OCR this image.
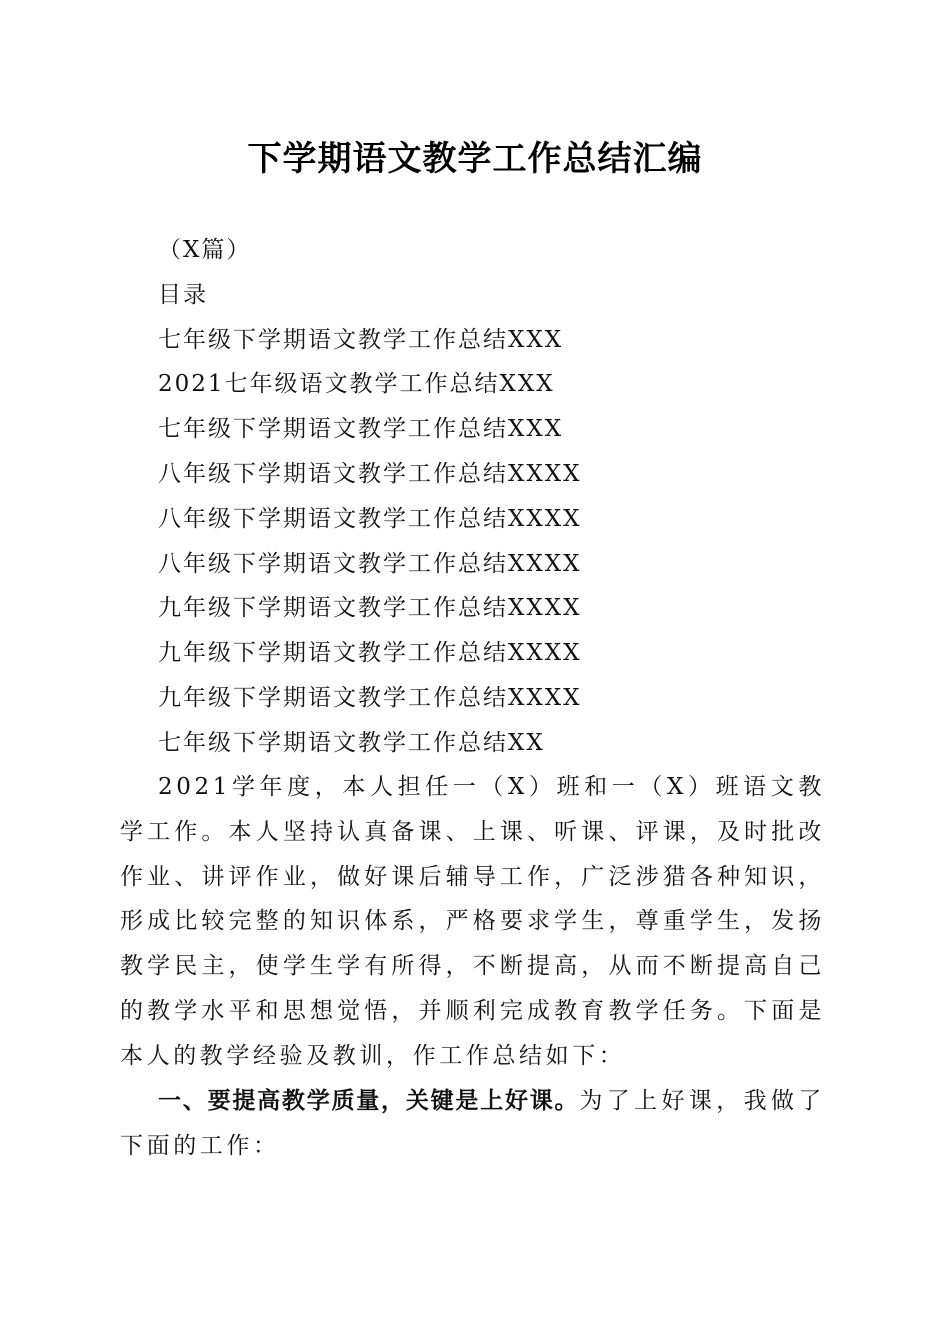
下学期语文教学工作总结汇编
（X篇）
目录
七年级下学期语文教学工作总结XXX
2021七年级语文教学工作总结XXX
七年级下学期语文教学工作总结XXX
八年级下学期语文教学工作总结XXXX
八年级下学期语文教学工作总结XXXX
八年级下学期语文教学工作总结XXXX
九年级下学期语文教学工作总结XXXX
九年级下学期语文教学工作总结XXXX
九年级下学期语文教学工作总结XXXX
七年级下学期语文教学工作总结XX
2021学年度，本人担任一（X）班和一（X）班语文教学工作。本人坚持认真备课、上课、听课、评课，及时批改作业、讲评作业，做好课后辅导工作，广泛涉猎各种知识，形成比较完整的知识体系，严格要求学生，尊重学生，发扬教学民主，使学生学有所得，不断提高，从而不断提高自己的教学水平和思想觉悟，并顺利完成教育教学任务。下面是本人的教学经验及教训，作工作总结如下：
一、要提高教学质量，关键是上好课。为了上好课，我做了下面的工作：
